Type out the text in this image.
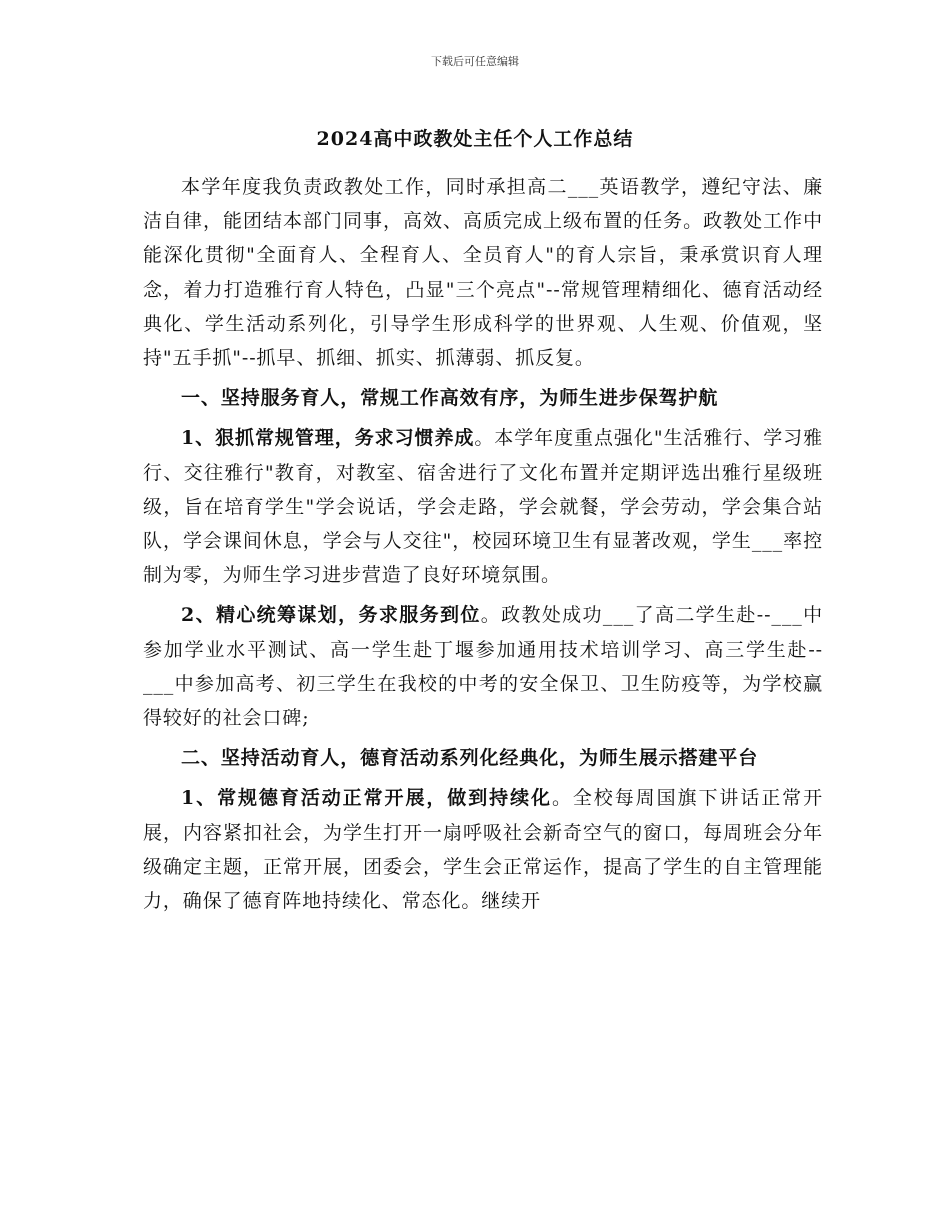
下载后可任意编辑
2024高中政教处主任个人工作总结

本学年度我负责政教处工作，同时承担高二___英语教学，遵纪守法、廉洁自律，能团结本部门同事，高效、高质完成上级布置的任务。政教处工作中能深化贯彻"全面育人、全程育人、全员育人"的育人宗旨，秉承赏识育人理念，着力打造雅行育人特色，凸显"三个亮点"--常规管理精细化、德育活动经典化、学生活动系列化，引导学生形成科学的世界观、人生观、价值观，坚持"五手抓"--抓早、抓细、抓实、抓薄弱、抓反复。

一、坚持服务育人，常规工作高效有序，为师生进步保驾护航

1、狠抓常规管理，务求习惯养成。本学年度重点强化"生活雅行、学习雅行、交往雅行"教育，对教室、宿舍进行了文化布置并定期评选出雅行星级班级，旨在培育学生"学会说话，学会走路，学会就餐，学会劳动，学会集合站队，学会课间休息，学会与人交往"，校园环境卫生有显著改观，学生___率控制为零，为师生学习进步营造了良好环境氛围。

2、精心统筹谋划，务求服务到位。政教处成功___了高二学生赴--___中参加学业水平测试、高一学生赴丁堰参加通用技术培训学习、高三学生赴--___中参加高考、初三学生在我校的中考的安全保卫、卫生防疫等，为学校赢得较好的社会口碑;

二、坚持活动育人，德育活动系列化经典化，为师生展示搭建平台

1、常规德育活动正常开展，做到持续化。全校每周国旗下讲话正常开展，内容紧扣社会，为学生打开一扇呼吸社会新奇空气的窗口，每周班会分年级确定主题，正常开展，团委会，学生会正常运作，提高了学生的自主管理能力，确保了德育阵地持续化、常态化。继续开
